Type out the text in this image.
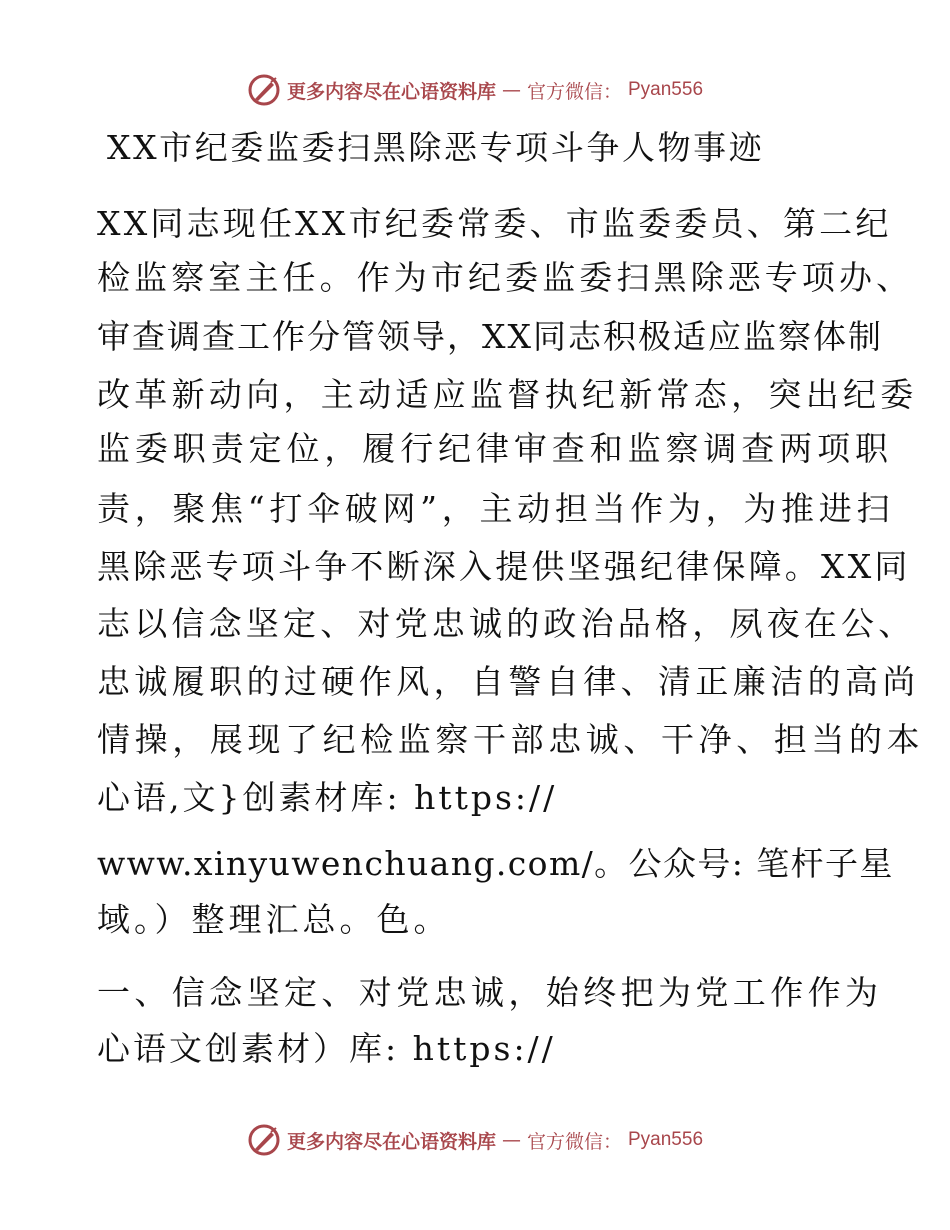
更多内容尽在心语资料库 — 官方微信： Pyan556
XX市纪委监委扫黑除恶专项斗争人物事迹
XX同志现任XX市纪委常委、市监委委员、第二纪
检监察室主任。作为市纪委监委扫黑除恶专项办、
审查调查工作分管领导，XX同志积极适应监察体制
改革新动向，主动适应监督执纪新常态，突出纪委
监委职责定位，履行纪律审查和监察调查两项职
责，聚焦“打伞破网”，主动担当作为，为推进扫
黑除恶专项斗争不断深入提供坚强纪律保障。XX同
志以信念坚定、对党忠诚的政治品格，夙夜在公、
忠诚履职的过硬作风，自警自律、清正廉洁的高尚
情操，展现了纪检监察干部忠诚、干净、担当的本
心语,文}创素材库: https://
www.xinyuwenchuang.com/。公众号: 笔杆子星
域。）整理汇总。色。
一、信念坚定、对党忠诚，始终把为党工作作为
心语文创素材）库: https://
更多内容尽在心语资料库 — 官方微信： Pyan556
